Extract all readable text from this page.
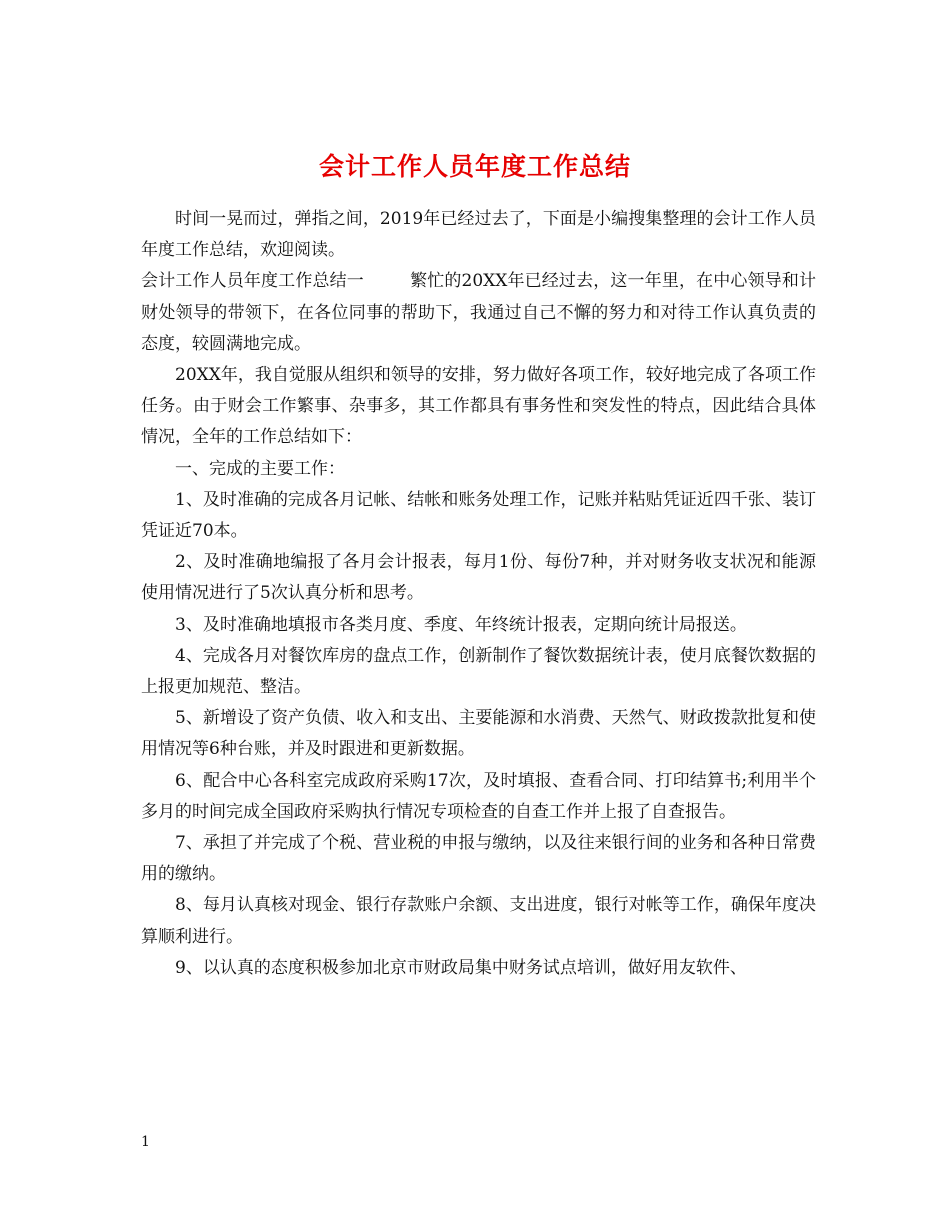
会计工作人员年度工作总结

时间一晃而过，弹指之间，2019年已经过去了，下面是小编搜集整理的会计工作人员年度工作总结，欢迎阅读。

会计工作人员年度工作总结一	繁忙的20XX年已经过去，这一年里，在中心领导和计财处领导的带领下，在各位同事的帮助下，我通过自己不懈的努力和对待工作认真负责的态度，较圆满地完成。

20XX年，我自觉服从组织和领导的安排，努力做好各项工作，较好地完成了各项工作任务。由于财会工作繁事、杂事多，其工作都具有事务性和突发性的特点，因此结合具体情况，全年的工作总结如下：

一、完成的主要工作：

1、及时准确的完成各月记帐、结帐和账务处理工作，记账并粘贴凭证近四千张、装订凭证近70本。

2、及时准确地编报了各月会计报表，每月1份、每份7种，并对财务收支状况和能源使用情况进行了5次认真分析和思考。

3、及时准确地填报市各类月度、季度、年终统计报表，定期向统计局报送。

4、完成各月对餐饮库房的盘点工作，创新制作了餐饮数据统计表，使月底餐饮数据的上报更加规范、整洁。

5、新增设了资产负债、收入和支出、主要能源和水消费、天然气、财政拨款批复和使用情况等6种台账，并及时跟进和更新数据。

6、配合中心各科室完成政府采购17次，及时填报、查看合同、打印结算书;利用半个多月的时间完成全国政府采购执行情况专项检查的自查工作并上报了自查报告。

7、承担了并完成了个税、营业税的申报与缴纳，以及往来银行间的业务和各种日常费用的缴纳。

8、每月认真核对现金、银行存款账户余额、支出进度，银行对帐等工作，确保年度决算顺利进行。

9、以认真的态度积极参加北京市财政局集中财务试点培训，做好用友软件、

1
